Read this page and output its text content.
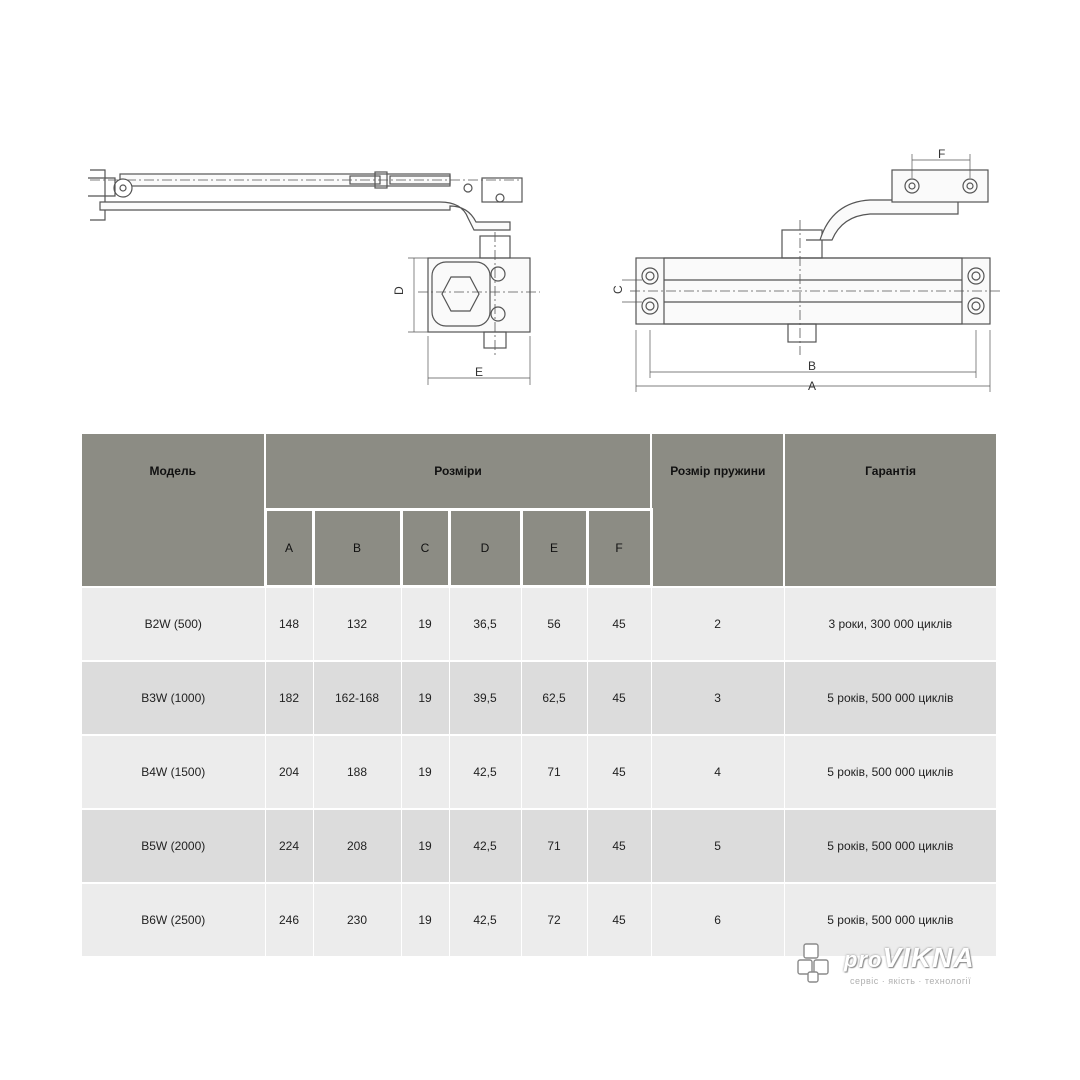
D
E
F
C
B
A
Модель	Розміри						Розмір пружини	Гарантія
	A	B	C	D	E	F		
B2W (500)	148	132	19	36,5	56	45	2	3 роки, 300 000 циклів
B3W (1000)	182	162-168	19	39,5	62,5	45	3	5 років, 500 000 циклів
B4W (1500)	204	188	19	42,5	71	45	4	5 років, 500 000 циклів
B5W (2000)	224	208	19	42,5	71	45	5	5 років, 500 000 циклів
B6W (2500)	246	230	19	42,5	72	45	6	5 років, 500 000 циклів
proVIKNA
сервіс · якість · технології
